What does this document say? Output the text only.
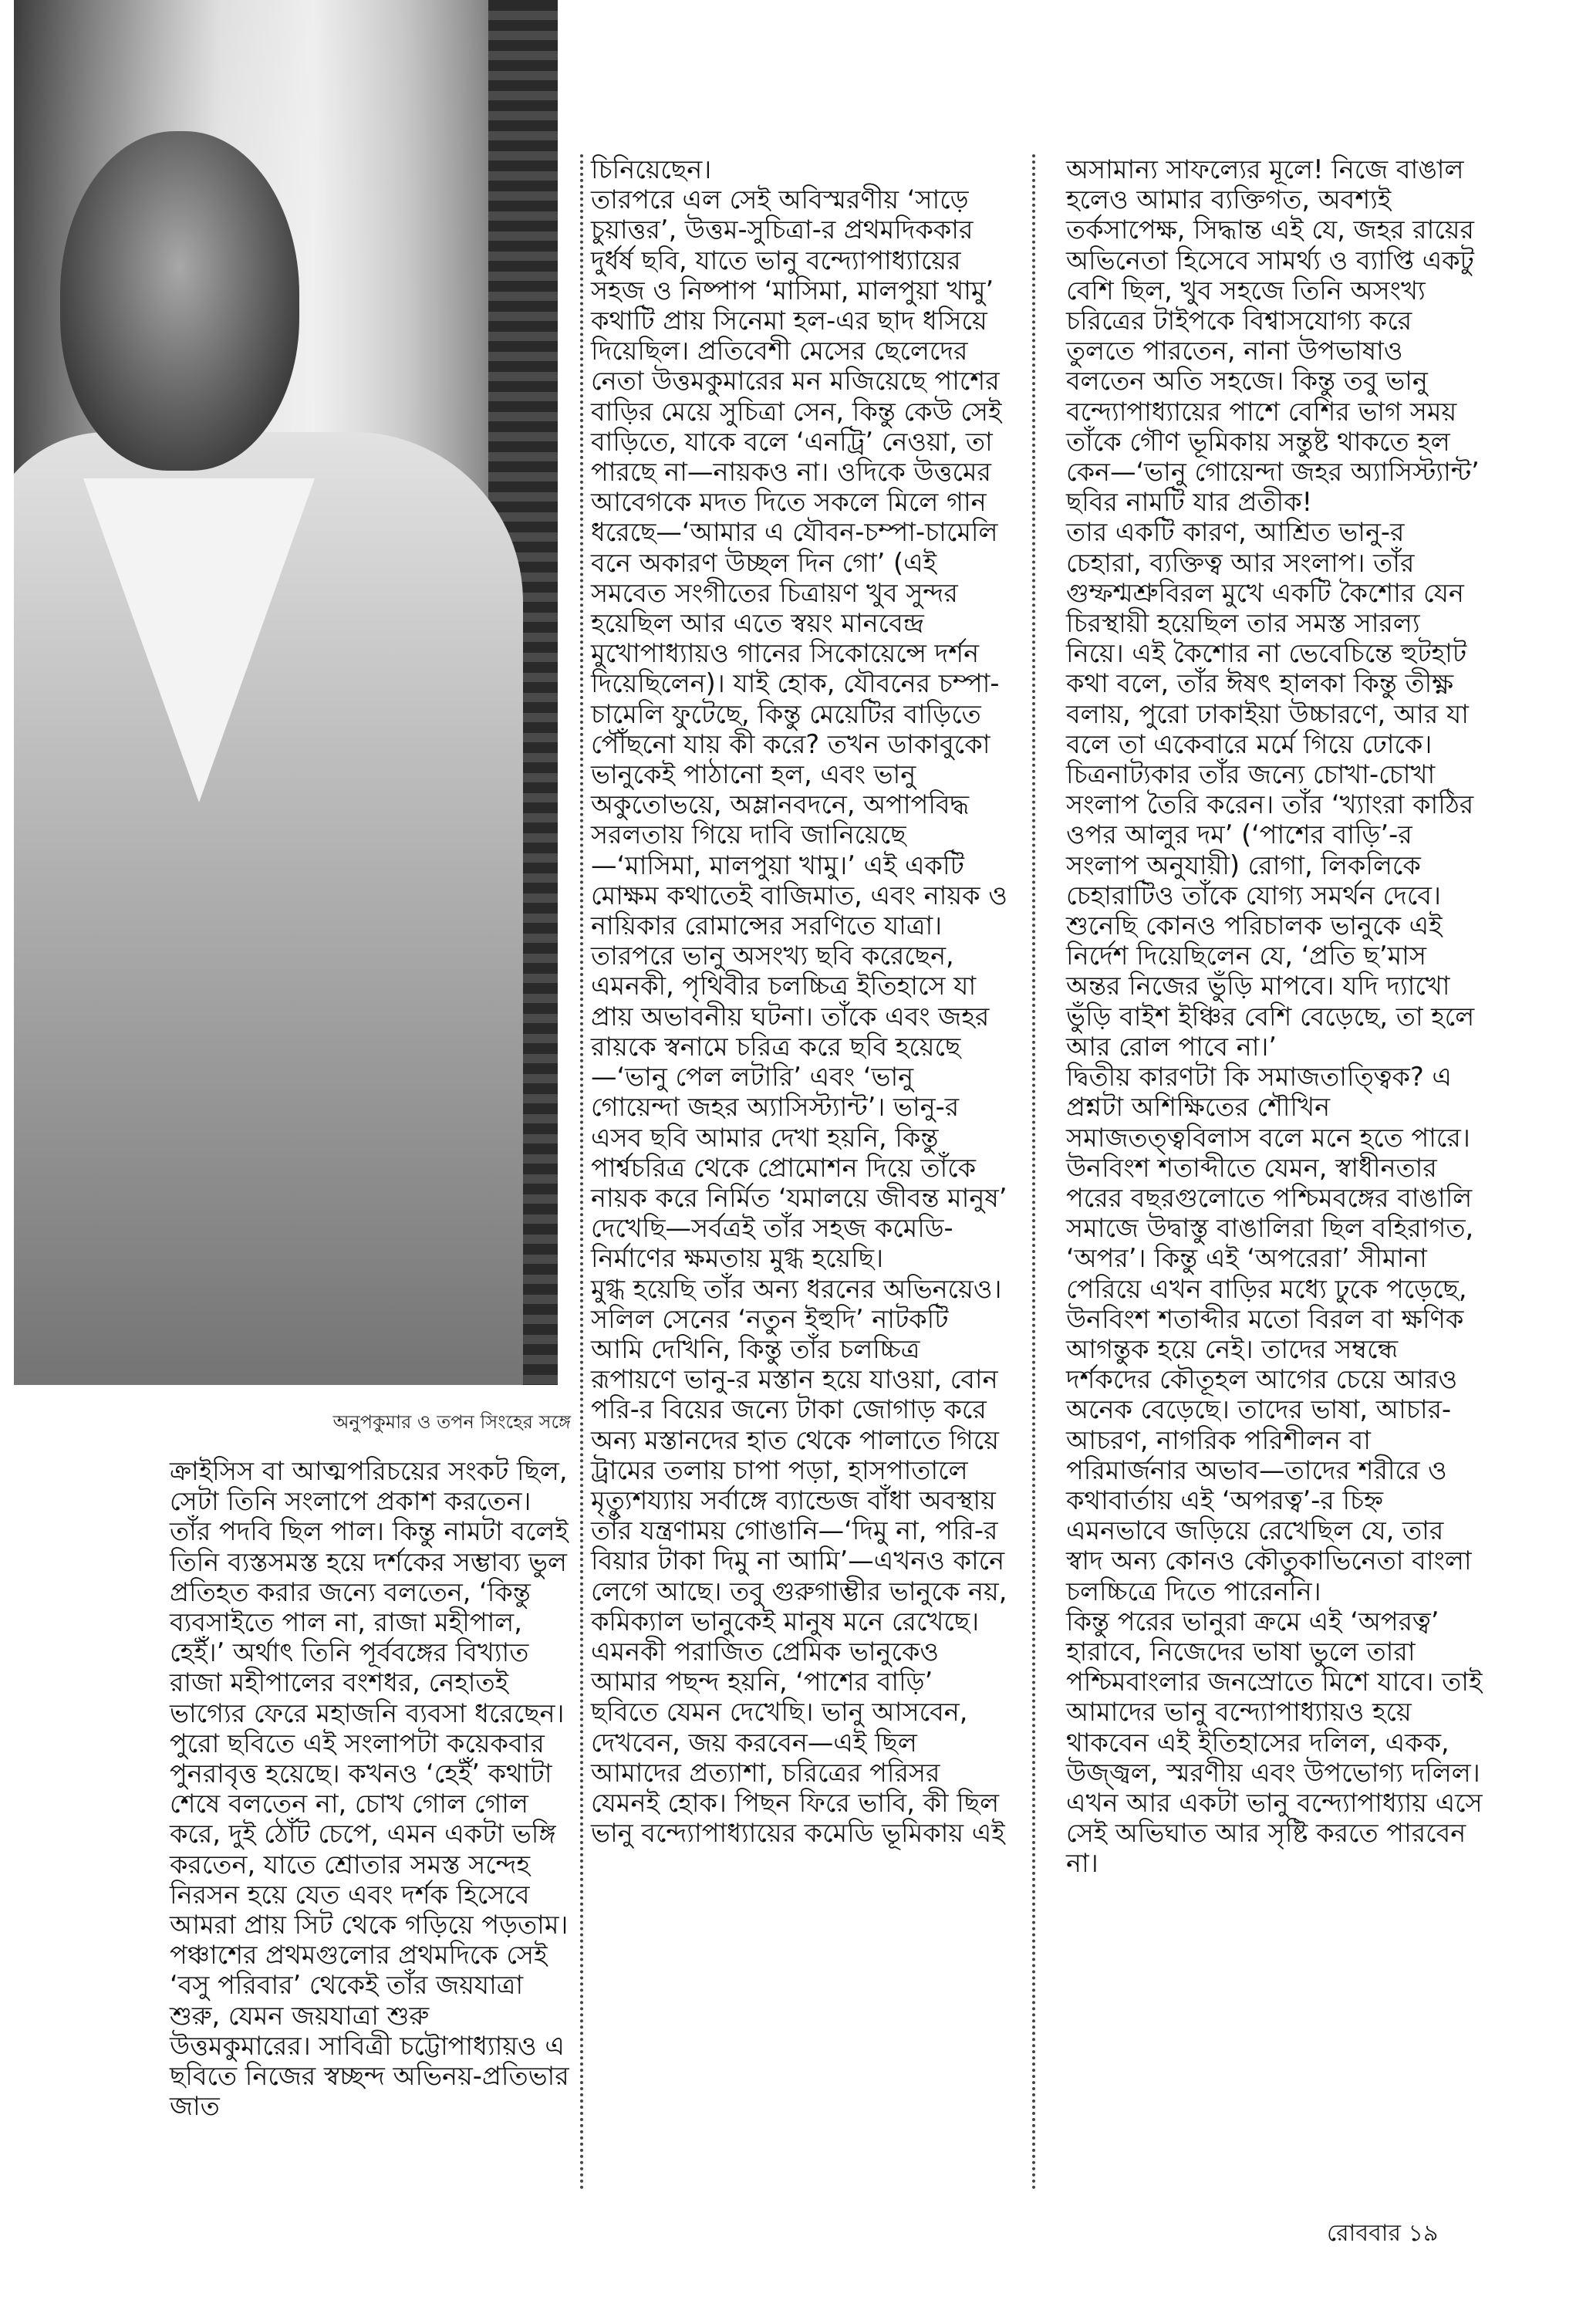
অনুপকুমার ও তপন সিংহের সঙ্গে

ক্রাইসিস বা আত্মপরিচয়ের সংকট ছিল, সেটা তিনি সংলাপে প্রকাশ করতেন। তাঁর পদবি ছিল পাল। কিন্তু নামটা বলেই তিনি ব্যস্তসমস্ত হয়ে দর্শকের সম্ভাব্য ভুল প্রতিহত করার জন্যে বলতেন, ‘কিন্তু ব্যবসাইতে পাল না, রাজা মহীপাল, হেইঁ।’ অর্থাৎ তিনি পূর্ববঙ্গের বিখ্যাত রাজা মহীপালের বংশধর, নেহাতই ভাগ্যের ফেরে মহাজনি ব্যবসা ধরেছেন। পুরো ছবিতে এই সংলাপটা কয়েকবার পুনরাবৃত্ত হয়েছে। কখনও ‘হেইঁ’ কথাটা শেষে বলতেন না, চোখ গোল গোল করে, দুই ঠোঁট চেপে, এমন একটা ভঙ্গি করতেন, যাতে শ্রোতার সমস্ত সন্দেহ নিরসন হয়ে যেত এবং দর্শক হিসেবে আমরা প্রায় সিট থেকে গড়িয়ে পড়তাম। পঞ্চাশের প্রথমগুলোর প্রথমদিকে সেই ‘বসু পরিবার’ থেকেই তাঁর জয়যাত্রা শুরু, যেমন জয়যাত্রা শুরু উত্তমকুমারের। সাবিত্রী চট্টোপাধ্যায়ও এ ছবিতে নিজের স্বচ্ছন্দ অভিনয়-প্রতিভার জাত

চিনিয়েছেন।
তারপরে এল সেই অবিস্মরণীয় ‘সাড়ে চুয়াত্তর’, উত্তম-সুচিত্রা-র প্রথমদিককার দুর্ধর্ষ ছবি, যাতে ভানু বন্দ্যোপাধ্যায়ের সহজ ও নিষ্পাপ ‘মাসিমা, মালপুয়া খামু’ কথাটি প্রায় সিনেমা হল-এর ছাদ ধসিয়ে দিয়েছিল। প্রতিবেশী মেসের ছেলেদের নেতা উত্তমকুমারের মন মজিয়েছে পাশের বাড়ির মেয়ে সুচিত্রা সেন, কিন্তু কেউ সেই বাড়িতে, যাকে বলে ‘এনট্রি’ নেওয়া, তা পারছে না—নায়কও না। ওদিকে উত্তমের আবেগকে মদত দিতে সকলে মিলে গান ধরেছে—‘আমার এ যৌবন-চম্পা-চামেলি বনে অকারণ উচ্ছল দিন গো’ (এই সমবেত সংগীতের চিত্রায়ণ খুব সুন্দর হয়েছিল আর এতে স্বয়ং মানবেন্দ্র মুখোপাধ্যায়ও গানের সিকোয়েন্সে দর্শন দিয়েছিলেন)। যাই হোক, যৌবনের চম্পা-চামেলি ফুটেছে, কিন্তু মেয়েটির বাড়িতে পৌঁছনো যায় কী করে? তখন ডাকাবুকো ভানুকেই পাঠানো হল, এবং ভানু অকুতোভয়ে, অম্লানবদনে, অপাপবিদ্ধ সরলতায় গিয়ে দাবি জানিয়েছে—‘মাসিমা, মালপুয়া খামু।’ এই একটি মোক্ষম কথাতেই বাজিমাত, এবং নায়ক ও নায়িকার রোমান্সের সরণিতে যাত্রা।
তারপরে ভানু অসংখ্য ছবি করেছেন, এমনকী, পৃথিবীর চলচ্চিত্র ইতিহাসে যা প্রায় অভাবনীয় ঘটনা। তাঁকে এবং জহর রায়কে স্বনামে চরিত্র করে ছবি হয়েছে—‘ভানু পেল লটারি’ এবং ‘ভানু গোয়েন্দা জহর অ্যাসিস্ট্যান্ট’। ভানু-র এসব ছবি আমার দেখা হয়নি, কিন্তু পার্শ্বচরিত্র থেকে প্রোমোশন দিয়ে তাঁকে নায়ক করে নির্মিত ‘যমালয়ে জীবন্ত মানুষ’ দেখেছি—সর্বত্রই তাঁর সহজ কমেডি-নির্মাণের ক্ষমতায় মুগ্ধ হয়েছি।
মুগ্ধ হয়েছি তাঁর অন্য ধরনের অভিনয়েও। সলিল সেনের ‘নতুন ইহুদি’ নাটকটি আমি দেখিনি, কিন্তু তাঁর চলচ্চিত্র রূপায়ণে ভানু-র মস্তান হয়ে যাওয়া, বোন পরি-র বিয়ের জন্যে টাকা জোগাড় করে অন্য মস্তানদের হাত থেকে পালাতে গিয়ে ট্রামের তলায় চাপা পড়া, হাসপাতালে মৃত্যুশয্যায় সর্বাঙ্গে ব্যান্ডেজ বাঁধা অবস্থায় তাঁর যন্ত্রণাময় গোঙানি—‘দিমু না, পরি-র বিয়ার টাকা দিমু না আমি’—এখনও কানে লেগে আছে। তবু গুরুগাম্ভীর ভানুকে নয়, কমিক্যাল ভানুকেই মানুষ মনে রেখেছে। এমনকী পরাজিত প্রেমিক ভানুকেও আমার পছন্দ হয়নি, ‘পাশের বাড়ি’ ছবিতে যেমন দেখেছি। ভানু আসবেন, দেখবেন, জয় করবেন—এই ছিল আমাদের প্রত্যাশা, চরিত্রের পরিসর যেমনই হোক। পিছন ফিরে ভাবি, কী ছিল ভানু বন্দ্যোপাধ্যায়ের কমেডি ভূমিকায় এই

অসামান্য সাফল্যের মূলে! নিজে বাঙাল হলেও আমার ব্যক্তিগত, অবশ্যই তর্কসাপেক্ষ, সিদ্ধান্ত এই যে, জহর রায়ের অভিনেতা হিসেবে সামর্থ্য ও ব্যাপ্তি একটু বেশি ছিল, খুব সহজে তিনি অসংখ্য চরিত্রের টাইপকে বিশ্বাসযোগ্য করে তুলতে পারতেন, নানা উপভাষাও বলতেন অতি সহজে। কিন্তু তবু ভানু বন্দ্যোপাধ্যায়ের পাশে বেশির ভাগ সময় তাঁকে গৌণ ভূমিকায় সন্তুষ্ট থাকতে হল কেন—‘ভানু গোয়েন্দা জহর অ্যাসিস্ট্যান্ট’ ছবির নামটি যার প্রতীক!
তার একটি কারণ, আশ্রিত ভানু-র চেহারা, ব্যক্তিত্ব আর সংলাপ। তাঁর গুম্ফশ্মশ্রুবিরল মুখে একটি কৈশোর যেন চিরস্থায়ী হয়েছিল তার সমস্ত সারল্য নিয়ে। এই কৈশোর না ভেবেচিন্তে হুটহাট কথা বলে, তাঁর ঈষৎ হালকা কিন্তু তীক্ষ্ণ বলায়, পুরো ঢাকাইয়া উচ্চারণে, আর যা বলে তা একেবারে মর্মে গিয়ে ঢোকে। চিত্রনাট্যকার তাঁর জন্যে চোখা-চোখা সংলাপ তৈরি করেন। তাঁর ‘খ্যাংরা কাঠির ওপর আলুর দম’ (‘পাশের বাড়ি’-র সংলাপ অনুযায়ী) রোগা, লিকলিকে চেহারাটিও তাঁকে যোগ্য সমর্থন দেবে। শুনেছি কোনও পরিচালক ভানুকে এই নির্দেশ দিয়েছিলেন যে, ‘প্রতি ছ’মাস অন্তর নিজের ভুঁড়ি মাপবে। যদি দ্যাখো ভুঁড়ি বাইশ ইঞ্চির বেশি বেড়েছে, তা হলে আর রোল পাবে না।’
দ্বিতীয় কারণটা কি সমাজতাত্ত্বিক? এ প্রশ্নটা অশিক্ষিতের শৌখিন সমাজতত্ত্ববিলাস বলে মনে হতে পারে। উনবিংশ শতাব্দীতে যেমন, স্বাধীনতার পরের বছরগুলোতে পশ্চিমবঙ্গের বাঙালি সমাজে উদ্বাস্তু বাঙালিরা ছিল বহিরাগত, ‘অপর’। কিন্তু এই ‘অপরেরা’ সীমানা পেরিয়ে এখন বাড়ির মধ্যে ঢুকে পড়েছে, উনবিংশ শতাব্দীর মতো বিরল বা ক্ষণিক আগন্তুক হয়ে নেই। তাদের সম্বন্ধে দর্শকদের কৌতূহল আগের চেয়ে আরও অনেক বেড়েছে। তাদের ভাষা, আচার-আচরণ, নাগরিক পরিশীলন বা পরিমার্জনার অভাব—তাদের শরীরে ও কথাবার্তায় এই ‘অপরত্ব’-র চিহ্ন এমনভাবে জড়িয়ে রেখেছিল যে, তার স্বাদ অন্য কোনও কৌতুকাভিনেতা বাংলা চলচ্চিত্রে দিতে পারেননি।
কিন্তু পরের ভানুরা ক্রমে এই ‘অপরত্ব’ হারাবে, নিজেদের ভাষা ভুলে তারা পশ্চিমবাংলার জনস্রোতে মিশে যাবে। তাই আমাদের ভানু বন্দ্যোপাধ্যায়ও হয়ে থাকবেন এই ইতিহাসের দলিল, একক, উজ্জ্বল, স্মরণীয় এবং উপভোগ্য দলিল। এখন আর একটা ভানু বন্দ্যোপাধ্যায় এসে সেই অভিঘাত আর সৃষ্টি করতে পারবেন না।

রোববার ১৯
